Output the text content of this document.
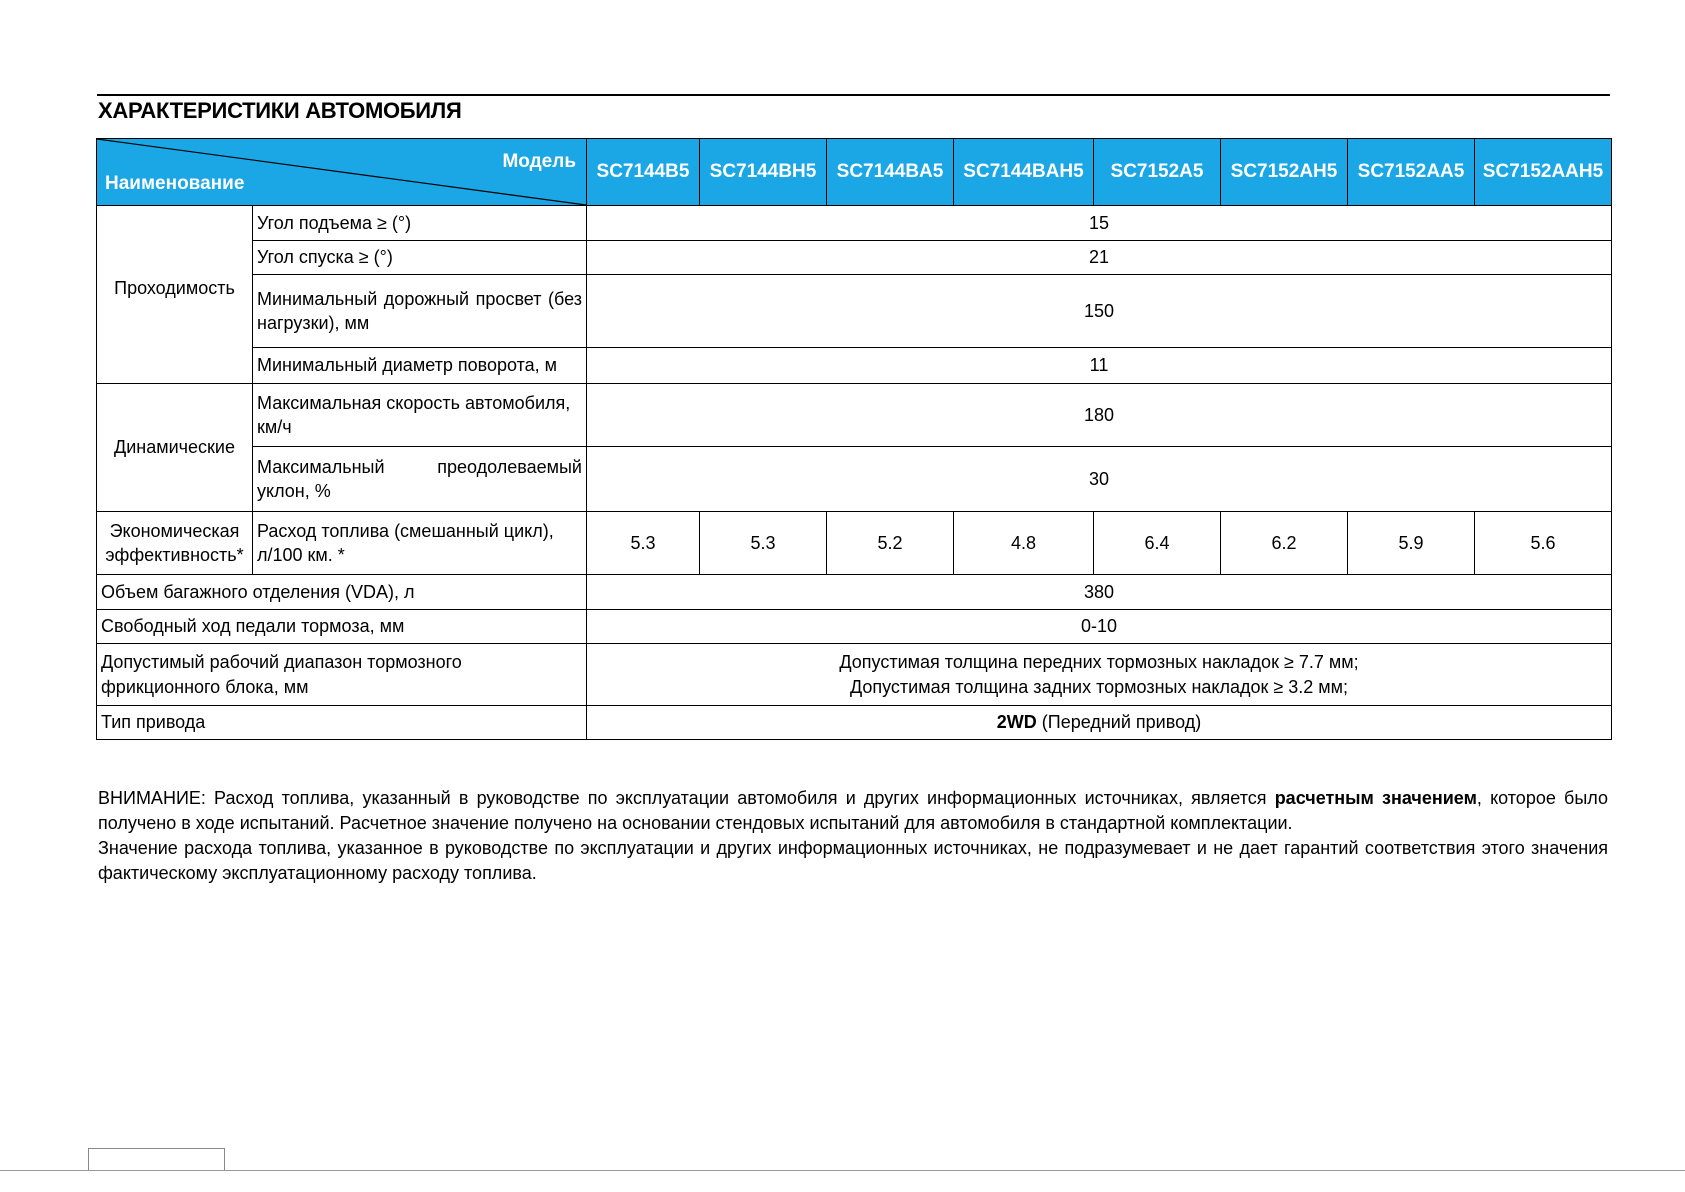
ХАРАКТЕРИСТИКИ АВТОМОБИЛЯ
Модель
Наименование		SC7144B5	SC7144BH5	SC7144BA5	SC7144BAH5	SC7152A5	SC7152AH5	SC7152AA5	SC7152AAH5
Проходимость	Угол подъема ≥ (°)	15							
	Угол спуска ≥ (°)	21							
	Минимальный дорожный просвет (без нагрузки), мм	150							
	Минимальный диаметр поворота, м	11							
Динамические	Максимальная скорость автомобиля, км/ч	180							
	Максимальный преодолеваемый уклон, %	30							
Экономическая эффективность*	Расход топлива (смешанный цикл), л/100 км. *	5.3	5.3	5.2	4.8	6.4	6.2	5.9	5.6
Объем багажного отделения (VDA), л		380							
Свободный ход педали тормоза, мм		0-10							
Допустимый рабочий диапазон тормозного фрикционного блока, мм		Допустимая толщина передних тормозных накладок ≥ 7.7 мм;
Допустимая толщина задних тормозных накладок ≥ 3.2 мм;							

Тип привода		2WD (Передний привод)							

ВНИМАНИЕ: Расход топлива, указанный в руководстве по эксплуатации автомобиля и других информационных источниках, является расчетным значением, которое было получено в ходе испытаний. Расчетное значение получено на основании стендовых испытаний для автомобиля в стандартной комплектации.

Значение расхода топлива, указанное в руководстве по эксплуатации и других информационных источниках, не подразумевает и не дает гарантий соответствия этого значения фактическому эксплуатационному расходу топлива.
